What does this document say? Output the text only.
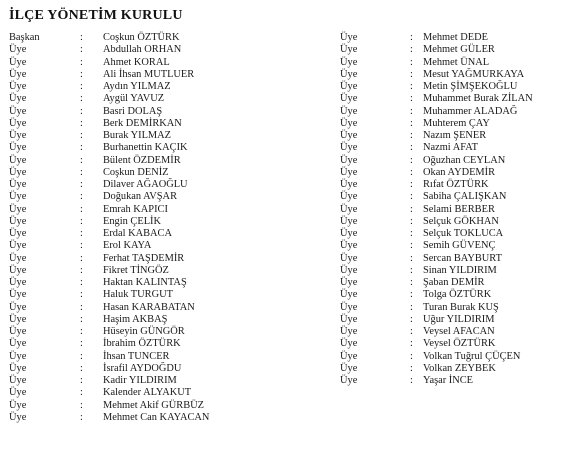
İLÇE YÖNETİM KURULU
Başkan	: Coşkun ÖZTÜRK
Üye	: Abdullah ORHAN
Üye	: Ahmet KORAL
Üye	: Ali İhsan MUTLUER
Üye	: Aydın YILMAZ
Üye	: Aygül YAVUZ
Üye	: Basri DOLAŞ
Üye	: Berk DEMİRKAN
Üye	: Burak YILMAZ
Üye	: Burhanettin KAÇIK
Üye	: Bülent ÖZDEMİR
Üye	: Coşkun DENİZ
Üye	: Dilaver AĞAOĞLU
Üye	: Doğukan AVŞAR
Üye	: Emrah KAPICI
Üye	: Engin ÇELİK
Üye	: Erdal KABACA
Üye	: Erol KAYA
Üye	: Ferhat TAŞDEMİR
Üye	: Fikret TİNGÖZ
Üye	: Haktan KALINTAŞ
Üye	: Haluk TURGUT
Üye	: Hasan KARABATAN
Üye	: Haşim AKBAŞ
Üye	: Hüseyin GÜNGÖR
Üye	: İbrahim ÖZTÜRK
Üye	: İhsan TUNCER
Üye	: İsrafil AYDOĞDU
Üye	: Kadir YILDIRIM
Üye	: Kalender ALYAKUT
Üye	: Mehmet Akif GÜRBÜZ
Üye	: Mehmet Can KAYACAN
Üye	: Mehmet DEDE
Üye	: Mehmet GÜLER
Üye	: Mehmet ÜNAL
Üye	: Mesut YAĞMURKAYA
Üye	: Metin ŞİMŞEKOĞLU
Üye	: Muhammet Burak ZİLAN
Üye	: Muhammer ALADAĞ
Üye	: Muhterem ÇAY
Üye	: Nazım ŞENER
Üye	: Nazmi AFAT
Üye	: Oğuzhan CEYLAN
Üye	: Okan AYDEMİR
Üye	: Rıfat ÖZTÜRK
Üye	: Sabiha ÇALIŞKAN
Üye	: Selami BERBER
Üye	: Selçuk GÖKHAN
Üye	: Selçuk TOKLUCA
Üye	: Semih GÜVENÇ
Üye	: Sercan BAYBURT
Üye	: Sinan YILDIRIM
Üye	: Şaban DEMİR
Üye	: Tolga ÖZTÜRK
Üye	: Turan Burak KUŞ
Üye	: Uğur YILDIRIM
Üye	: Veysel AFACAN
Üye	: Veysel ÖZTÜRK
Üye	: Volkan Tuğrul ÇÜÇEN
Üye	: Volkan ZEYBEK
Üye	: Yaşar İNCE
